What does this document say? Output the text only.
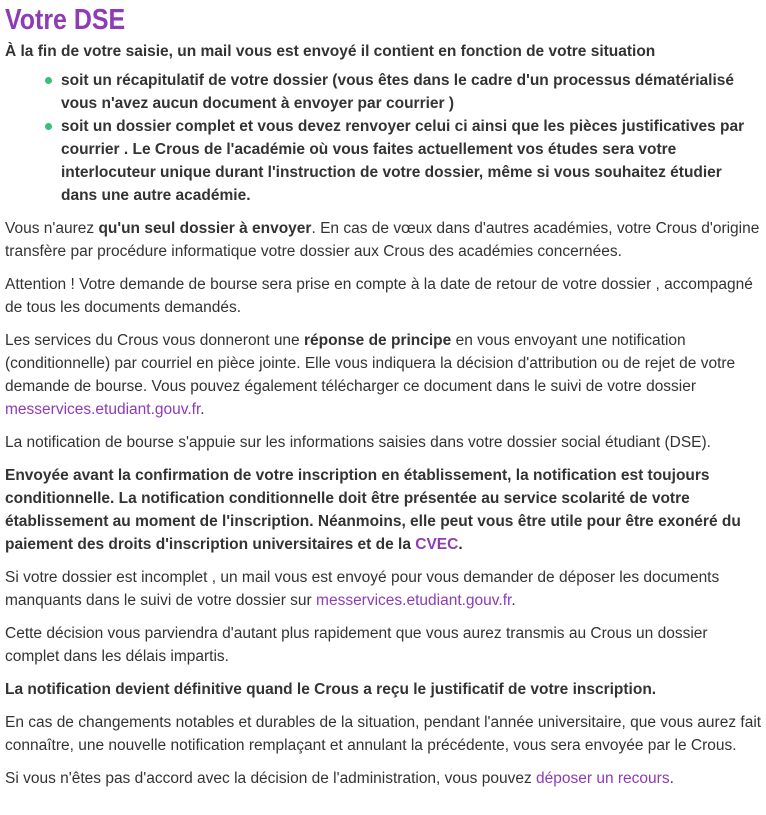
Votre DSE

À la fin de votre saisie, un mail vous est envoyé il contient en fonction de votre situation

soit un récapitulatif de votre dossier (vous êtes dans le cadre d'un processus dématérialisé vous n'avez aucun document à envoyer par courrier )
soit un dossier complet et vous devez renvoyer celui ci ainsi que les pièces justificatives par courrier . Le Crous de l'académie où vous faites actuellement vos études sera votre interlocuteur unique durant l'instruction de votre dossier, même si vous souhaitez étudier dans une autre académie.

Vous n'aurez qu'un seul dossier à envoyer. En cas de vœux dans d'autres académies, votre Crous d'origine transfère par procédure informatique votre dossier aux Crous des académies concernées.

Attention ! Votre demande de bourse sera prise en compte à la date de retour de votre dossier , accompagné de tous les documents demandés.

Les services du Crous vous donneront une réponse de principe en vous envoyant une notification (conditionnelle) par courriel en pièce jointe. Elle vous indiquera la décision d'attribution ou de rejet de votre demande de bourse. Vous pouvez également télécharger ce document dans le suivi de votre dossier messervices.etudiant.gouv.fr.

La notification de bourse s'appuie sur les informations saisies dans votre dossier social étudiant (DSE).

Envoyée avant la confirmation de votre inscription en établissement, la notification est toujours conditionnelle. La notification conditionnelle doit être présentée au service scolarité de votre établissement au moment de l'inscription. Néanmoins, elle peut vous être utile pour être exonéré du paiement des droits d'inscription universitaires et de la CVEC.

Si votre dossier est incomplet , un mail vous est envoyé pour vous demander de déposer les documents manquants dans le suivi de votre dossier sur messervices.etudiant.gouv.fr.

Cette décision vous parviendra d'autant plus rapidement que vous aurez transmis au Crous un dossier complet dans les délais impartis.

La notification devient définitive quand le Crous a reçu le justificatif de votre inscription.

En cas de changements notables et durables de la situation, pendant l'année universitaire, que vous aurez fait connaître, une nouvelle notification remplaçant et annulant la précédente, vous sera envoyée par le Crous.

Si vous n'êtes pas d'accord avec la décision de l'administration, vous pouvez déposer un recours.
